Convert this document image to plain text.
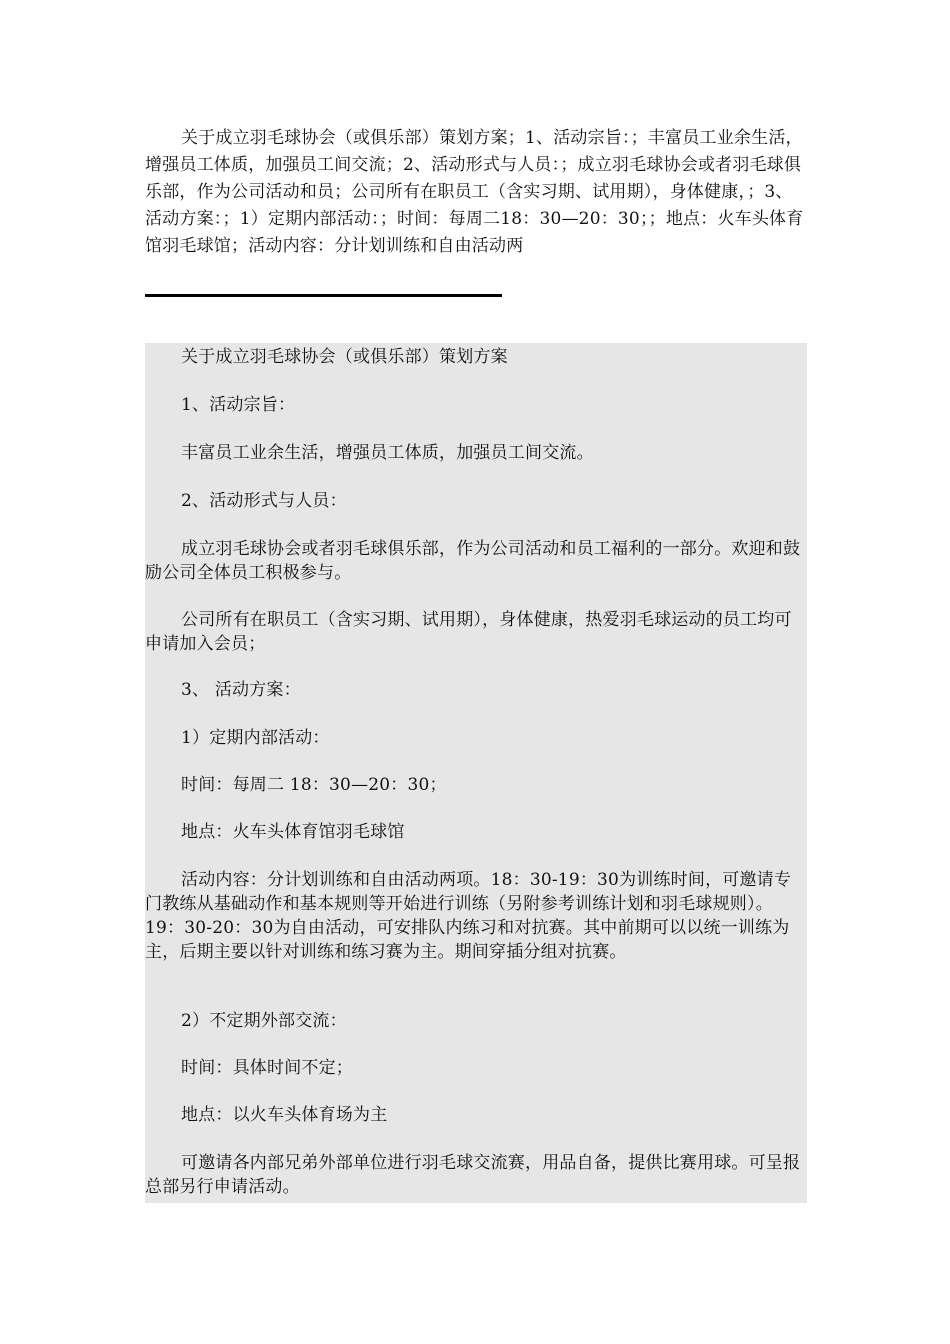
关于成立羽毛球协会（或俱乐部）策划方案；1、活动宗旨：；丰富员工业余生活，增强员工体质，加强员工间交流；2、活动形式与人员：；成立羽毛球协会或者羽毛球俱乐部，作为公司活动和员；公司所有在职员工（含实习期、试用期），身体健康，；3、活动方案：；1）定期内部活动：；时间：每周二18：30—20：30；；地点：火车头体育馆羽毛球馆；活动内容：分计划训练和自由活动两

关于成立羽毛球协会（或俱乐部）策划方案

1、活动宗旨：

丰富员工业余生活，增强员工体质，加强员工间交流。

2、活动形式与人员：

成立羽毛球协会或者羽毛球俱乐部，作为公司活动和员工福利的一部分。欢迎和鼓励公司全体员工积极参与。

公司所有在职员工（含实习期、试用期），身体健康，热爱羽毛球运动的员工均可申请加入会员；

3、 活动方案：

1）定期内部活动：

时间：每周二 18：30—20：30；

地点：火车头体育馆羽毛球馆

活动内容：分计划训练和自由活动两项。18：30-19：30为训练时间，可邀请专门教练从基础动作和基本规则等开始进行训练（另附参考训练计划和羽毛球规则）。19：30-20：30为自由活动，可安排队内练习和对抗赛。其中前期可以以统一训练为主，后期主要以针对训练和练习赛为主。期间穿插分组对抗赛。

2）不定期外部交流：

时间：具体时间不定；

地点：以火车头体育场为主

可邀请各内部兄弟外部单位进行羽毛球交流赛，用品自备，提供比赛用球。可呈报总部另行申请活动。
